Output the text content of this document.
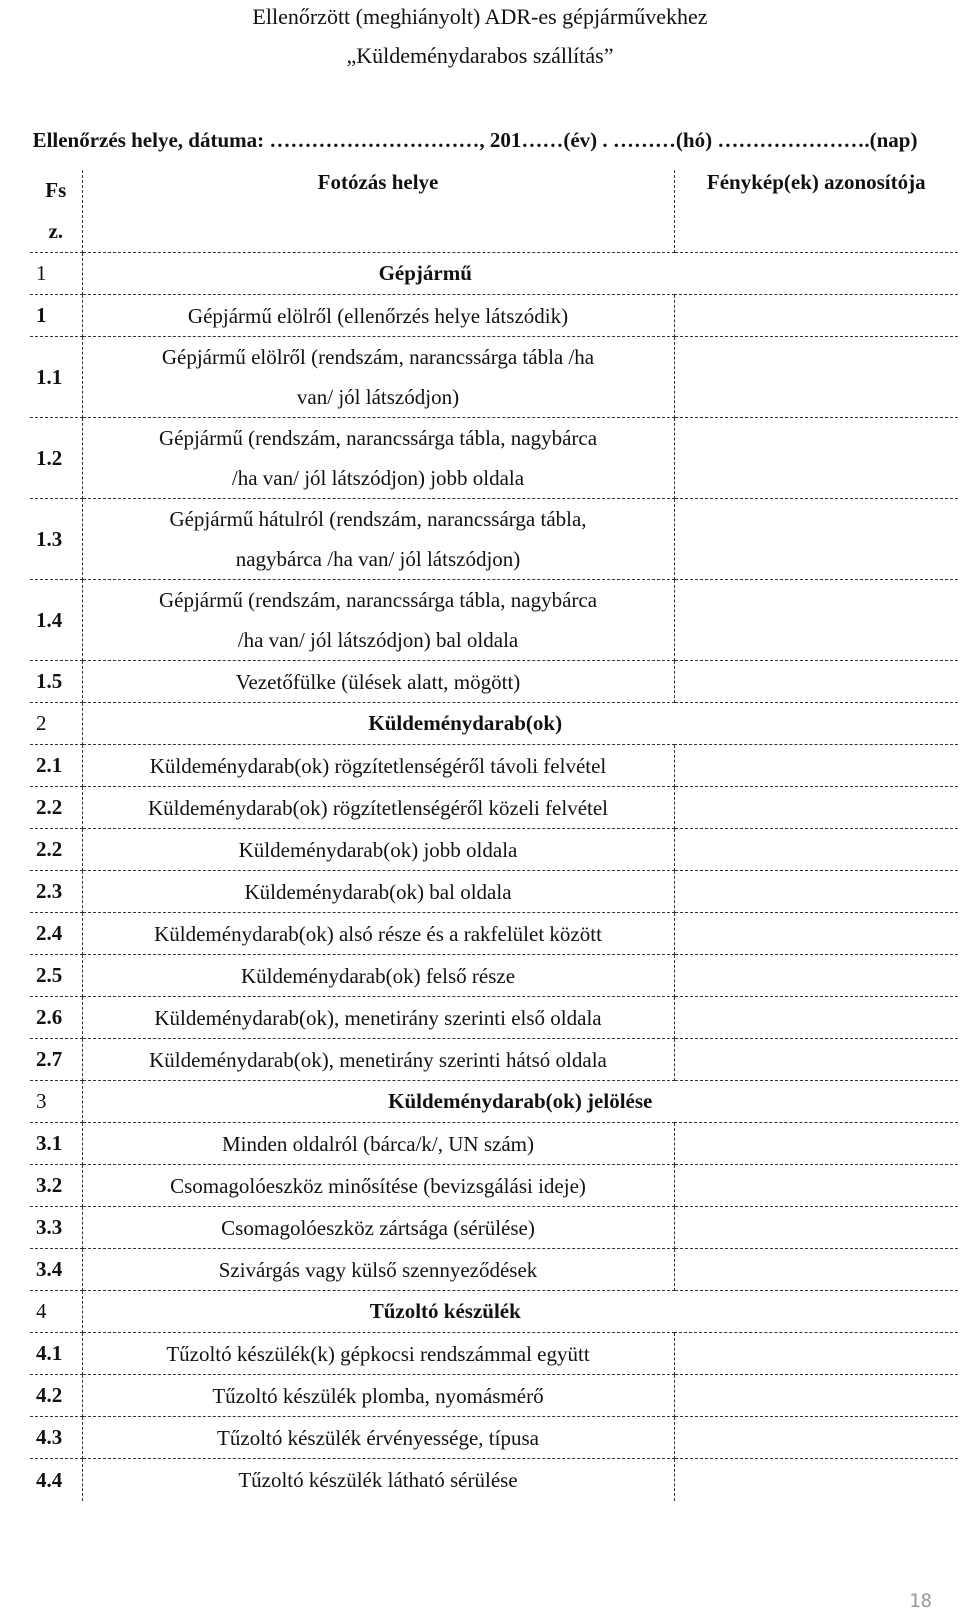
Ellenőrzött (meghiányolt) ADR-es gépjárművekhez
„Küldeménydarabos szállítás”
Ellenőrzés helye, dátuma: …………………………, 201……(év) . ………(hó) ………………….(nap)
Fs
z.	Fotózás helye	Fénykép(ek) azonosítója
1	Gépjármű	
1	Gépjármű elölről (ellenőrzés helye látszódik)	
1.1	Gépjármű elölről (rendszám, narancssárga tábla /ha
van/ jól látszódjon)	
1.2	Gépjármű (rendszám, narancssárga tábla, nagybárca
/ha van/ jól látszódjon) jobb oldala	
1.3	Gépjármű hátulról (rendszám, narancssárga tábla,
nagybárca /ha van/ jól látszódjon)	
1.4	Gépjármű (rendszám, narancssárga tábla, nagybárca
/ha van/ jól látszódjon) bal oldala	
1.5	Vezetőfülke (ülések alatt, mögött)	
2	Küldeménydarab(ok)	
2.1	Küldeménydarab(ok) rögzítetlenségéről távoli felvétel	
2.2	Küldeménydarab(ok) rögzítetlenségéről közeli felvétel	
2.2	Küldeménydarab(ok) jobb oldala	
2.3	Küldeménydarab(ok) bal oldala	
2.4	Küldeménydarab(ok) alsó része és a rakfelület között	
2.5	Küldeménydarab(ok) felső része	
2.6	Küldeménydarab(ok), menetirány szerinti első oldala	
2.7	Küldeménydarab(ok), menetirány szerinti hátsó oldala	
3	Küldeménydarab(ok) jelölése	
3.1	Minden oldalról (bárca/k/, UN szám)	
3.2	Csomagolóeszköz minősítése (bevizsgálási ideje)	
3.3	Csomagolóeszköz zártsága (sérülése)	
3.4	Szivárgás vagy külső szennyeződések	
4	Tűzoltó készülék	
4.1	Tűzoltó készülék(k) gépkocsi rendszámmal együtt	
4.2	Tűzoltó készülék plomba, nyomásmérő	
4.3	Tűzoltó készülék érvényessége, típusa	
4.4	Tűzoltó készülék látható sérülése	
18
